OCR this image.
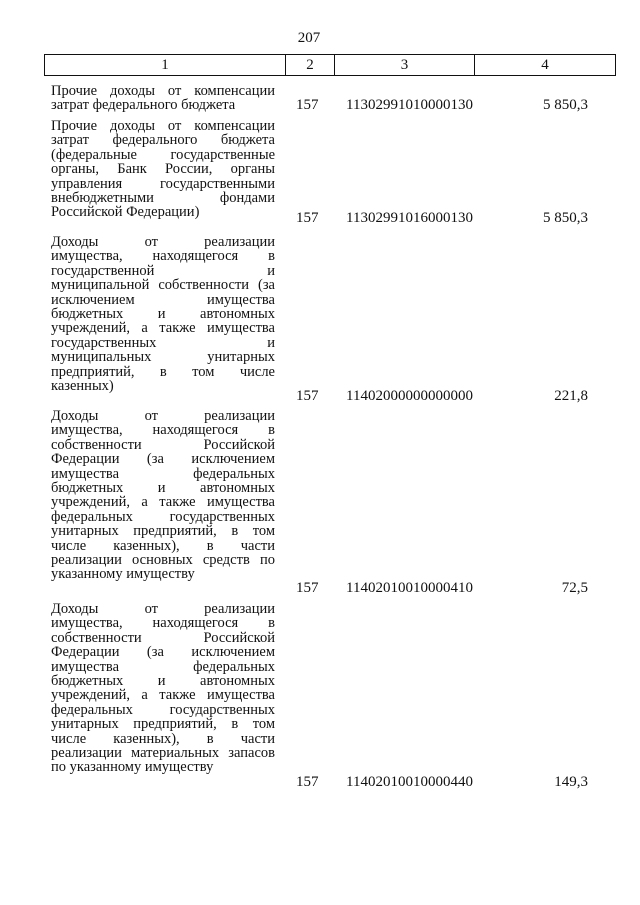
207
1	2	3	4
Прочие доходы от компенсации
затрат федерального бюджета	157	11302991010000130	5 850,3
Прочие доходы от компенсации
затрат федерального бюджета
(федеральные государственные
органы, Банк России, органы
управления государственными
внебюджетными фондами
Российской Федерации)	157	11302991016000130	5 850,3
Доходы от реализации
имущества, находящегося в
государственной и
муниципальной собственности (за
исключением имущества
бюджетных и автономных
учреждений, а также имущества
государственных и
муниципальных унитарных
предприятий, в том числе
казенных)
157	11402000000000000	221,8
Доходы от реализации
имущества, находящегося в
собственности Российской
Федерации (за исключением
имущества федеральных
бюджетных и автономных
учреждений, а также имущества
федеральных государственных
унитарных предприятий, в том
числе казенных), в части
реализации основных средств по
указанному имуществу
157	11402010010000410	72,5
Доходы от реализации
имущества, находящегося в
собственности Российской
Федерации (за исключением
имущества федеральных
бюджетных и автономных
учреждений, а также имущества
федеральных государственных
унитарных предприятий, в том
числе казенных), в части
реализации материальных запасов
по указанному имуществу
157	11402010010000440	149,3
